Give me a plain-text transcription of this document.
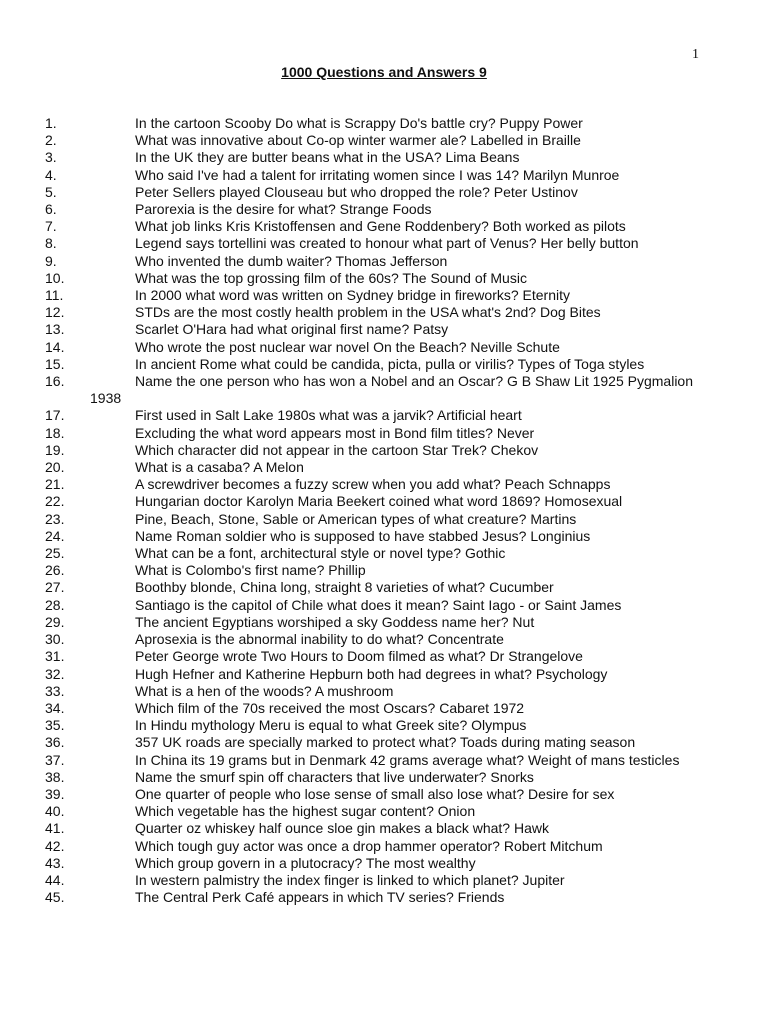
1
1000 Questions and Answers 9
1.	In the cartoon Scooby Do what is Scrappy Do's battle cry? Puppy Power
2.	What was innovative about Co-op winter warmer ale? Labelled in Braille
3.	In the UK they are butter beans what in the USA? Lima Beans
4.	Who said I've had a talent for irritating women since I was 14? Marilyn Munroe
5.	Peter Sellers played Clouseau but who dropped the role? Peter Ustinov
6.	Parorexia is the desire for what? Strange Foods
7.	What job links Kris Kristoffensen and Gene Roddenbery? Both worked as pilots
8.	Legend says tortellini was created to honour what part of Venus? Her belly button
9.	Who invented the dumb waiter? Thomas Jefferson
10.	What was the top grossing film of the 60s? The Sound of Music
11.	In 2000 what word was written on Sydney bridge in fireworks? Eternity
12.	STDs are the most costly health problem in the USA what's 2nd? Dog Bites
13.	Scarlet O'Hara had what original first name? Patsy
14.	Who wrote the post nuclear war novel On the Beach? Neville Schute
15.	In ancient Rome what could be candida, picta, pulla or virilis? Types of Toga styles
16.	Name the one person who has won a Nobel and an Oscar? G B Shaw Lit 1925 Pygmalion 1938
17.	First used in Salt Lake 1980s what was a jarvik? Artificial heart
18.	Excluding the what word appears most in Bond film titles? Never
19.	Which character did not appear in the cartoon Star Trek? Chekov
20.	What is a casaba? A Melon
21.	A screwdriver becomes a fuzzy screw when you add what? Peach Schnapps
22.	Hungarian doctor Karolyn Maria Beekert coined what word 1869? Homosexual
23.	Pine, Beach, Stone, Sable or American types of what creature? Martins
24.	Name Roman soldier who is supposed to have stabbed Jesus? Longinius
25.	What can be a font, architectural style or novel type? Gothic
26.	What is Colombo's first name? Phillip
27.	Boothby blonde, China long, straight 8 varieties of what? Cucumber
28.	Santiago is the capitol of Chile what does it mean? Saint Iago - or Saint James
29.	The ancient Egyptians worshiped a sky Goddess name her? Nut
30.	Aprosexia is the abnormal inability to do what? Concentrate
31.	Peter George wrote Two Hours to Doom filmed as what? Dr Strangelove
32.	Hugh Hefner and Katherine Hepburn both had degrees in what? Psychology
33.	What is a hen of the woods? A mushroom
34.	Which film of the 70s received the most Oscars? Cabaret 1972
35.	In Hindu mythology Meru is equal to what Greek site? Olympus
36.	357 UK roads are specially marked to protect what? Toads during mating season
37.	In China its 19 grams but in Denmark 42 grams average what? Weight of mans testicles
38.	Name the smurf spin off characters that live underwater? Snorks
39.	One quarter of people who lose sense of small also lose what? Desire for sex
40.	Which vegetable has the highest sugar content? Onion
41.	Quarter oz whiskey half ounce sloe gin makes a black what? Hawk
42.	Which tough guy actor was once a drop hammer operator? Robert Mitchum
43.	Which group govern in a plutocracy? The most wealthy
44.	In western palmistry the index finger is linked to which planet? Jupiter
45.	The Central Perk Café appears in which TV series? Friends
